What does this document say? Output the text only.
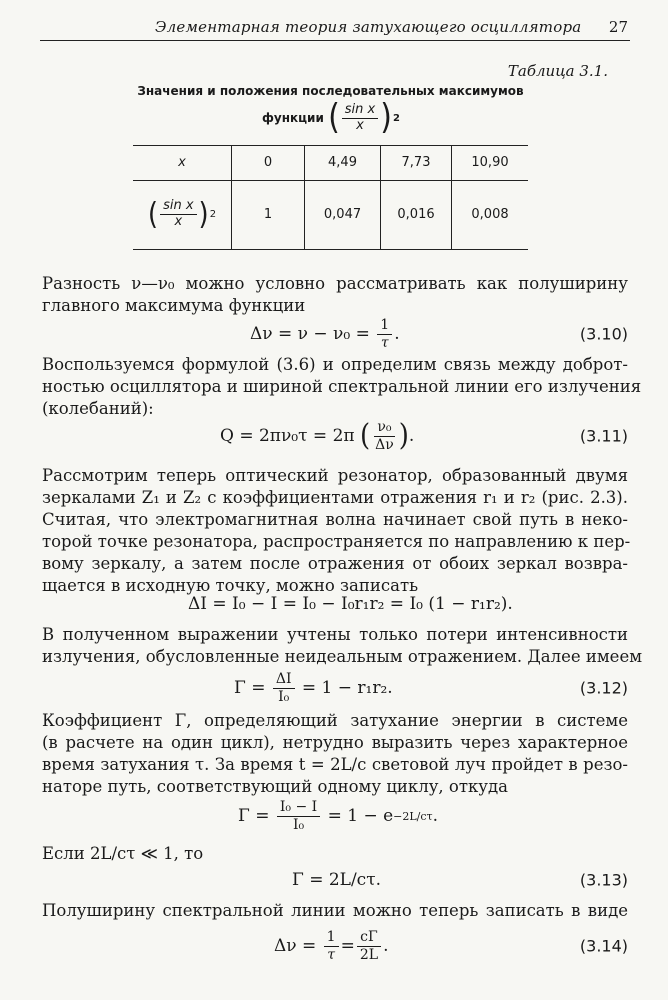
Элементарная теория затухающего осциллятора 27
Таблица 3.1.
Значения и положения последовательных максимумов
функции
( $\frac{\text{sin x}}{x}$ ) 2
x	0	4,49	7,73	10,90

( $\frac{\text{sin x}}{x}$ ) 2	1	0,047	0,016	0,008
Разность ν—ν₀ можно условно рассматривать как полуширину
главного максимума функции
Δν = ν − ν₀ =
$\frac{1}{\tau}$ .	(3.10)
Воспользуемся формулой (3.6) и определим связь между доброт-
ностью осциллятора и шириной спектральной линии его излучения
(колебаний):
Q = 2πν₀τ = 2π
( $\frac{\text{ν₀}}{\Delta\nu}$ ) .	(3.11)
Рассмотрим теперь оптический резонатор, образованный двумя
зеркалами Z₁ и Z₂ с коэффициентами отражения r₁ и r₂ (рис. 2.3).
Считая, что электромагнитная волна начинает свой путь в неко-
торой точке резонатора, распространяется по направлению к пер-
вому зеркалу, а затем после отражения от обоих зеркал возвра-
щается в исходную точку, можно записать
ΔI = I₀ − I = I₀ − I₀r₁r₂ = I₀ (1 − r₁r₂).
В полученном выражении учтены только потери интенсивности
излучения, обусловленные неидеальным отражением. Далее имеем
Γ =
$\frac{\Delta I}{\text{I₀}}$
= 1 − r₁r₂.	(3.12)
Коэффициент Γ, определяющий затухание энергии в системе
(в расчете на один цикл), нетрудно выразить через характерное
время затухания τ. За время t = 2L/c световой луч пройдет в резо-
наторе путь, соответствующий одному циклу, откуда
Γ =
$\frac{\text{I₀ − I}}{\text{I₀}}$
= 1 − e −2L/cτ .
Если 2L/cτ ≪ 1, то
Γ = 2L/cτ.	(3.13)
Полуширину спектральной линии можно теперь записать в виде
Δν =
$\frac{1}{\tau} = \frac{c\Gamma}{2L}$ .	(3.14)
